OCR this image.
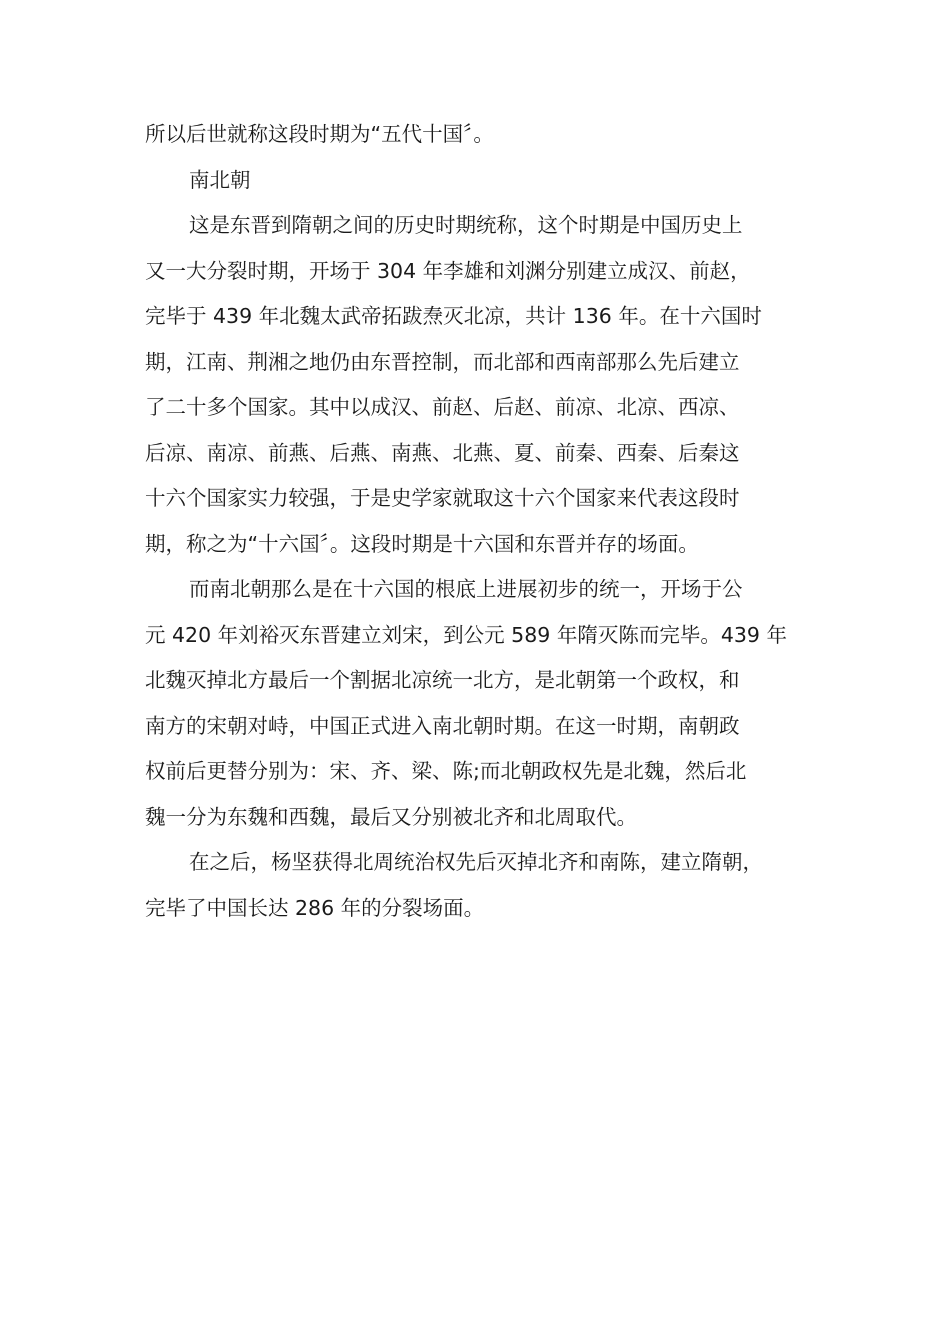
所以后世就称这段时期为“五代十国〞。
南北朝
这是东晋到隋朝之间的历史时期统称，这个时期是中国历史上
又一大分裂时期，开场于 304 年李雄和刘渊分别建立成汉、前赵，
完毕于 439 年北魏太武帝拓跋焘灭北凉，共计 136 年。在十六国时
期，江南、荆湘之地仍由东晋控制，而北部和西南部那么先后建立
了二十多个国家。其中以成汉、前赵、后赵、前凉、北凉、西凉、
后凉、南凉、前燕、后燕、南燕、北燕、夏、前秦、西秦、后秦这
十六个国家实力较强，于是史学家就取这十六个国家来代表这段时
期，称之为“十六国〞。这段时期是十六国和东晋并存的场面。
而南北朝那么是在十六国的根底上进展初步的统一，开场于公
元 420 年刘裕灭东晋建立刘宋，到公元 589 年隋灭陈而完毕。439 年
北魏灭掉北方最后一个割据北凉统一北方，是北朝第一个政权，和
南方的宋朝对峙，中国正式进入南北朝时期。在这一时期，南朝政
权前后更替分别为：宋、齐、梁、陈;而北朝政权先是北魏，然后北
魏一分为东魏和西魏，最后又分别被北齐和北周取代。
在之后，杨坚获得北周统治权先后灭掉北齐和南陈，建立隋朝，
完毕了中国长达 286 年的分裂场面。
